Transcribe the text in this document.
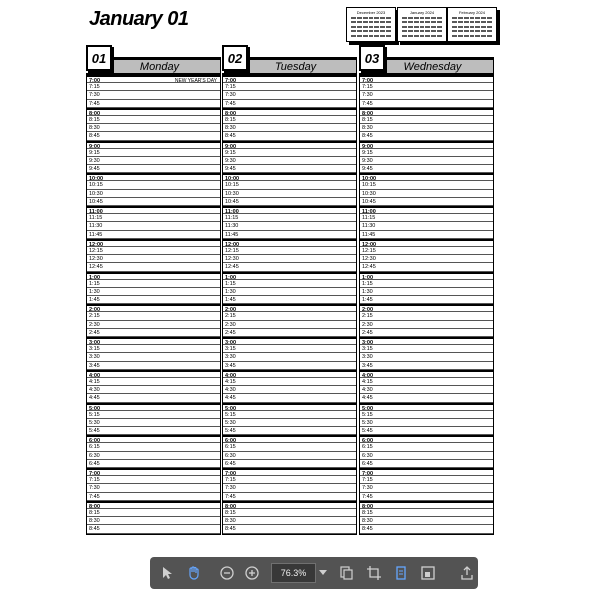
January 01	December 2023	January 2024	February 2024
01
Monday
7:00	NEW YEAR'S DAY
7:15
7:30
7:45
8:00
8:15
8:30
8:45
9:00
9:15
9:30
9:45
10:00
10:15
10:30
10:45
11:00
11:15
11:30
11:45
12:00
12:15
12:30
12:45
1:00
1:15
1:30
1:45
2:00
2:15
2:30
2:45
3:00
3:15
3:30
3:45
4:00
4:15
4:30
4:45
5:00
5:15
5:30
5:45
6:00
6:15
6:30
6:45
7:00
7:15
7:30
7:45
8:00
8:15
8:30
8:45
02
Tuesday
7:00
7:15
7:30
7:45
8:00
8:15
8:30
8:45
9:00
9:15
9:30
9:45
10:00
10:15
10:30
10:45
11:00
11:15
11:30
11:45
12:00
12:15
12:30
12:45
1:00
1:15
1:30
1:45
2:00
2:15
2:30
2:45
3:00
3:15
3:30
3:45
4:00
4:15
4:30
4:45
5:00
5:15
5:30
5:45
6:00
6:15
6:30
6:45
7:00
7:15
7:30
7:45
8:00
8:15
8:30
8:45
03
Wednesday
7:00
7:15
7:30
7:45
8:00
8:15
8:30
8:45
9:00
9:15
9:30
9:45
10:00
10:15
10:30
10:45
11:00
11:15
11:30
11:45
12:00
12:15
12:30
12:45
1:00
1:15
1:30
1:45
2:00
2:15
2:30
2:45
3:00
3:15
3:30
3:45
4:00
4:15
4:30
4:45
5:00
5:15
5:30
5:45
6:00
6:15
6:30
6:45
7:00
7:15
7:30
7:45
8:00
8:15
8:30
8:45
76.3%
